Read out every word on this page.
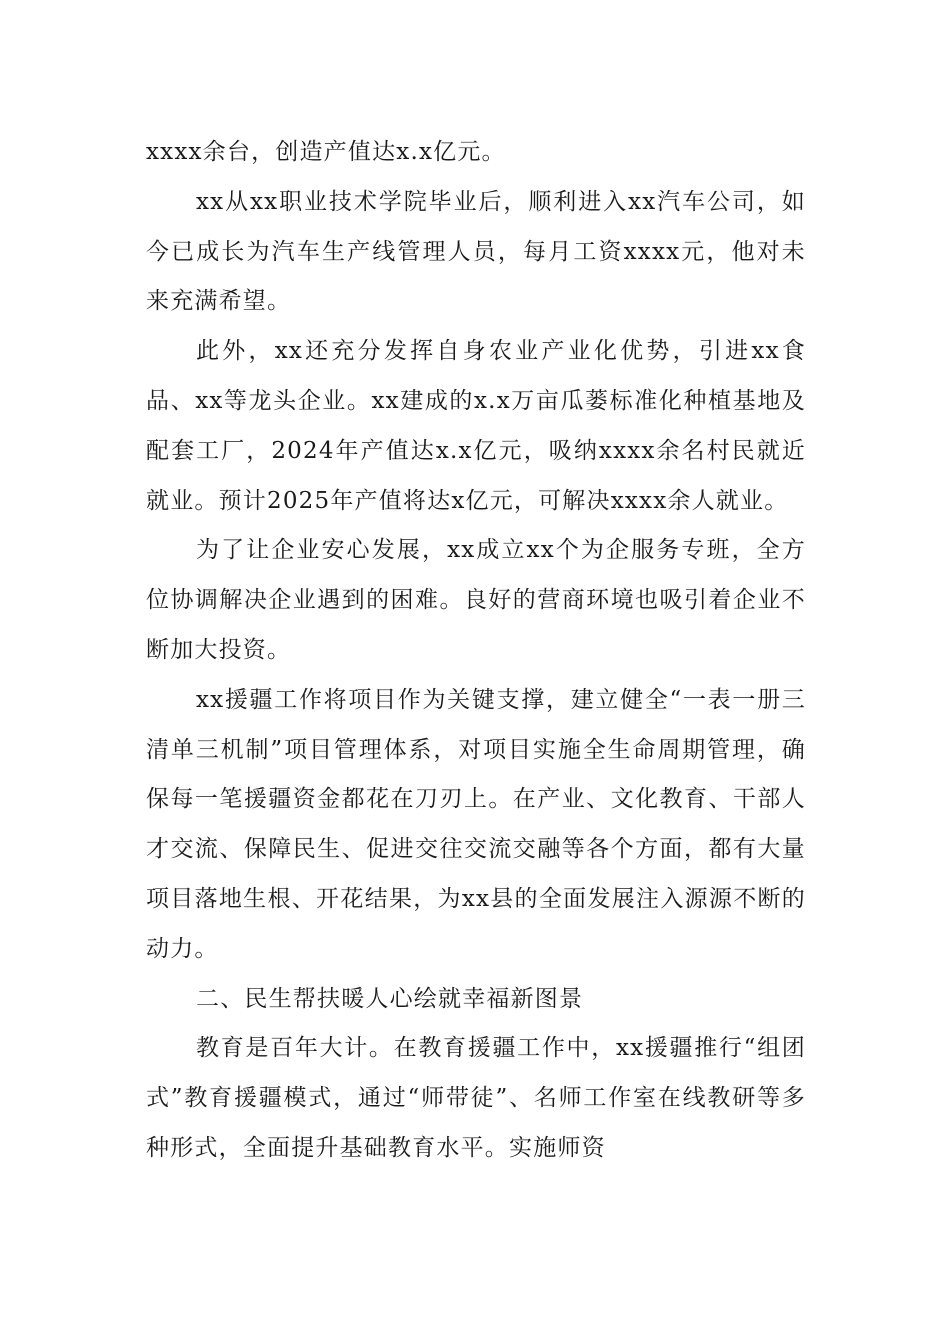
xxxx余台，创造产值达x.x亿元。

xx从xx职业技术学院毕业后，顺利进入xx汽车公司，如今已成长为汽车生产线管理人员，每月工资xxxx元，他对未来充满希望。

此外，xx还充分发挥自身农业产业化优势，引进xx食品、xx等龙头企业。xx建成的x.x万亩瓜蒌标准化种植基地及配套工厂，2024年产值达x.x亿元，吸纳xxxx余名村民就近就业。预计2025年产值将达x亿元，可解决xxxx余人就业。

为了让企业安心发展，xx成立xx个为企服务专班，全方位协调解决企业遇到的困难。良好的营商环境也吸引着企业不断加大投资。

xx援疆工作将项目作为关键支撑，建立健全“一表一册三清单三机制”项目管理体系，对项目实施全生命周期管理，确保每一笔援疆资金都花在刀刃上。在产业、文化教育、干部人才交流、保障民生、促进交往交流交融等各个方面，都有大量项目落地生根、开花结果，为xx县的全面发展注入源源不断的动力。

二、民生帮扶暖人心绘就幸福新图景

教育是百年大计。在教育援疆工作中，xx援疆推行“组团式”教育援疆模式，通过“师带徒”、名师工作室在线教研等多种形式，全面提升基础教育水平。实施师资
